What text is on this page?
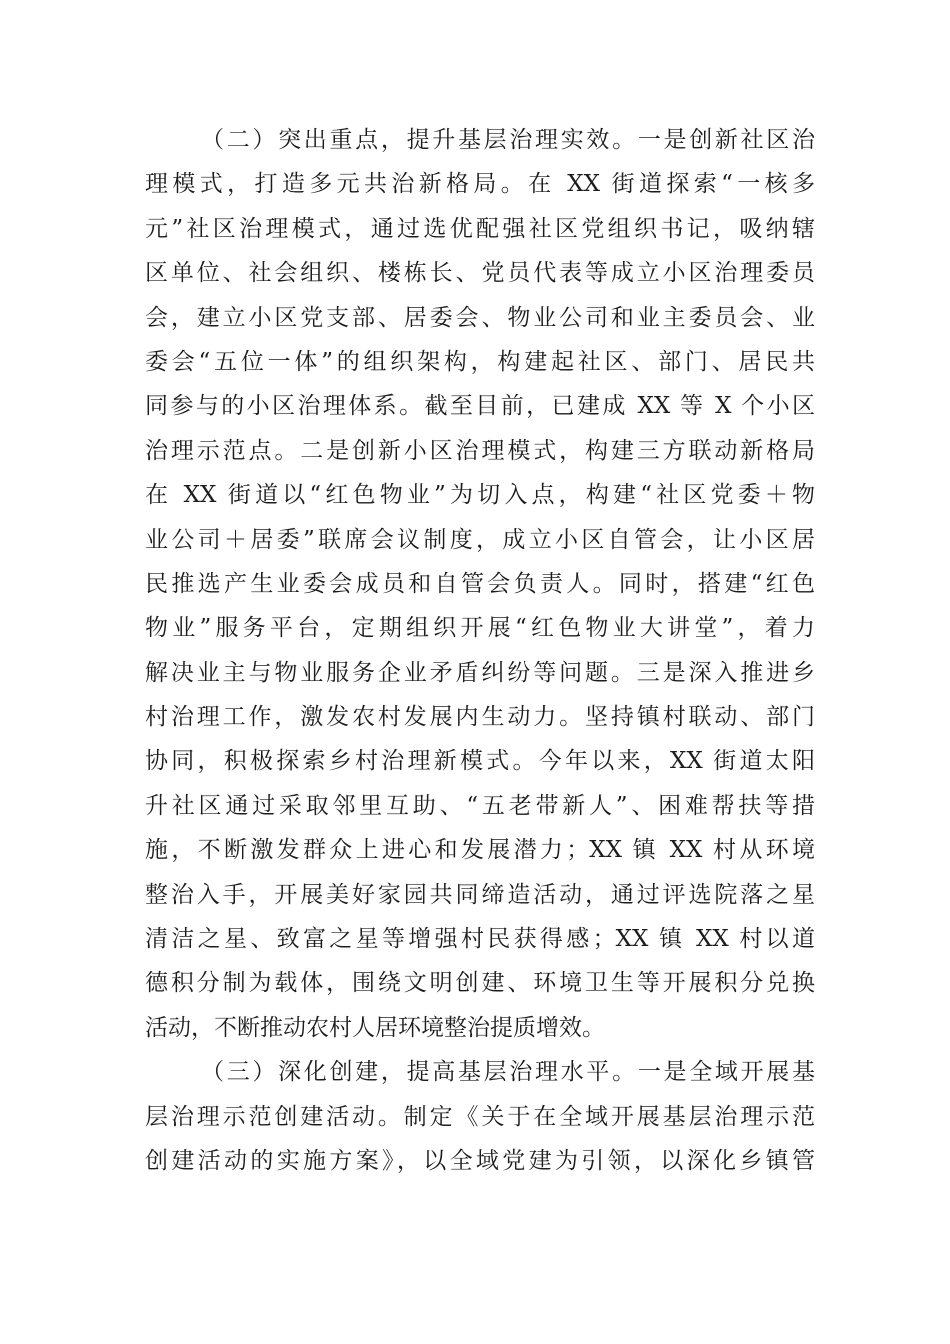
（二）突出重点，提升基层治理实效。一是创新社区治
理模式，打造多元共治新格局。在 XX 街道探索“一核多
元”社区治理模式，通过选优配强社区党组织书记，吸纳辖
区单位、社会组织、楼栋长、党员代表等成立小区治理委员
会，建立小区党支部、居委会、物业公司和业主委员会、业
委会“五位一体”的组织架构，构建起社区、部门、居民共
同参与的小区治理体系。截至目前，已建成 XX 等 X 个小区
治理示范点。二是创新小区治理模式，构建三方联动新格局
在 XX 街道以“红色物业”为切入点，构建“社区党委＋物
业公司＋居委”联席会议制度，成立小区自管会，让小区居
民推选产生业委会成员和自管会负责人。同时，搭建“红色
物业”服务平台，定期组织开展“红色物业大讲堂”，着力
解决业主与物业服务企业矛盾纠纷等问题。三是深入推进乡
村治理工作，激发农村发展内生动力。坚持镇村联动、部门
协同，积极探索乡村治理新模式。今年以来，XX 街道太阳
升社区通过采取邻里互助、“五老带新人”、困难帮扶等措
施，不断激发群众上进心和发展潜力；XX 镇 XX 村从环境
整治入手，开展美好家园共同缔造活动，通过评选院落之星
清洁之星、致富之星等增强村民获得感；XX 镇 XX 村以道
德积分制为载体，围绕文明创建、环境卫生等开展积分兑换
活动，不断推动农村人居环境整治提质增效。
（三）深化创建，提高基层治理水平。一是全域开展基
层治理示范创建活动。制定《关于在全域开展基层治理示范
创建活动的实施方案》，以全域党建为引领，以深化乡镇管
